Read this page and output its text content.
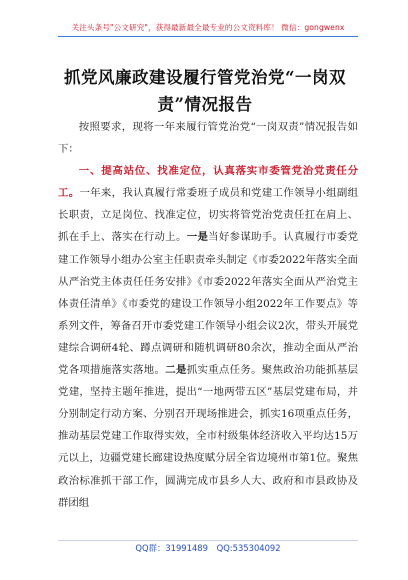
关注头条号"公文研究"，获得最新最全最专业的公文资料库！ 微信：gongwenx
抓党风廉政建设履行管党治党“一岗双
责”情况报告

按照要求，现将一年来履行管党治党“一岗双责”情况报告如下：

一、提高站位、找准定位，认真落实市委管党治党责任分工。一年来，我认真履行常委班子成员和党建工作领导小组副组长职责，立足岗位、找准定位，切实将管党治党责任扛在肩上、抓在手上、落实在行动上。一是当好参谋助手。认真履行市委党建工作领导小组办公室主任职责牵头制定《市委2022年落实全面从严治党主体责任任务安排》《市委2022年落实全面从严治党主体责任清单》《市委党的建设工作领导小组2022年工作要点》等系列文件，筹备召开市委党建工作领导小组会议2次，带头开展党建综合调研4轮、蹲点调研和随机调研80余次，推动全面从严治党各项措施落实落地。二是抓实重点任务。聚焦政治功能抓基层党建，坚持主题年推进，提出“一地两带五区”基层党建布局，并分别制定行动方案、分别召开现场推进会，抓实16项重点任务，推动基层党建工作取得实效，全市村级集体经济收入平均达15万元以上，边疆党建长廊建设热度赋分居全省边境州市第1位。聚焦政治标准抓干部工作，圆满完成市县乡人大、政府和市县政协及群团组

QQ群：31991489 QQ:535304092
